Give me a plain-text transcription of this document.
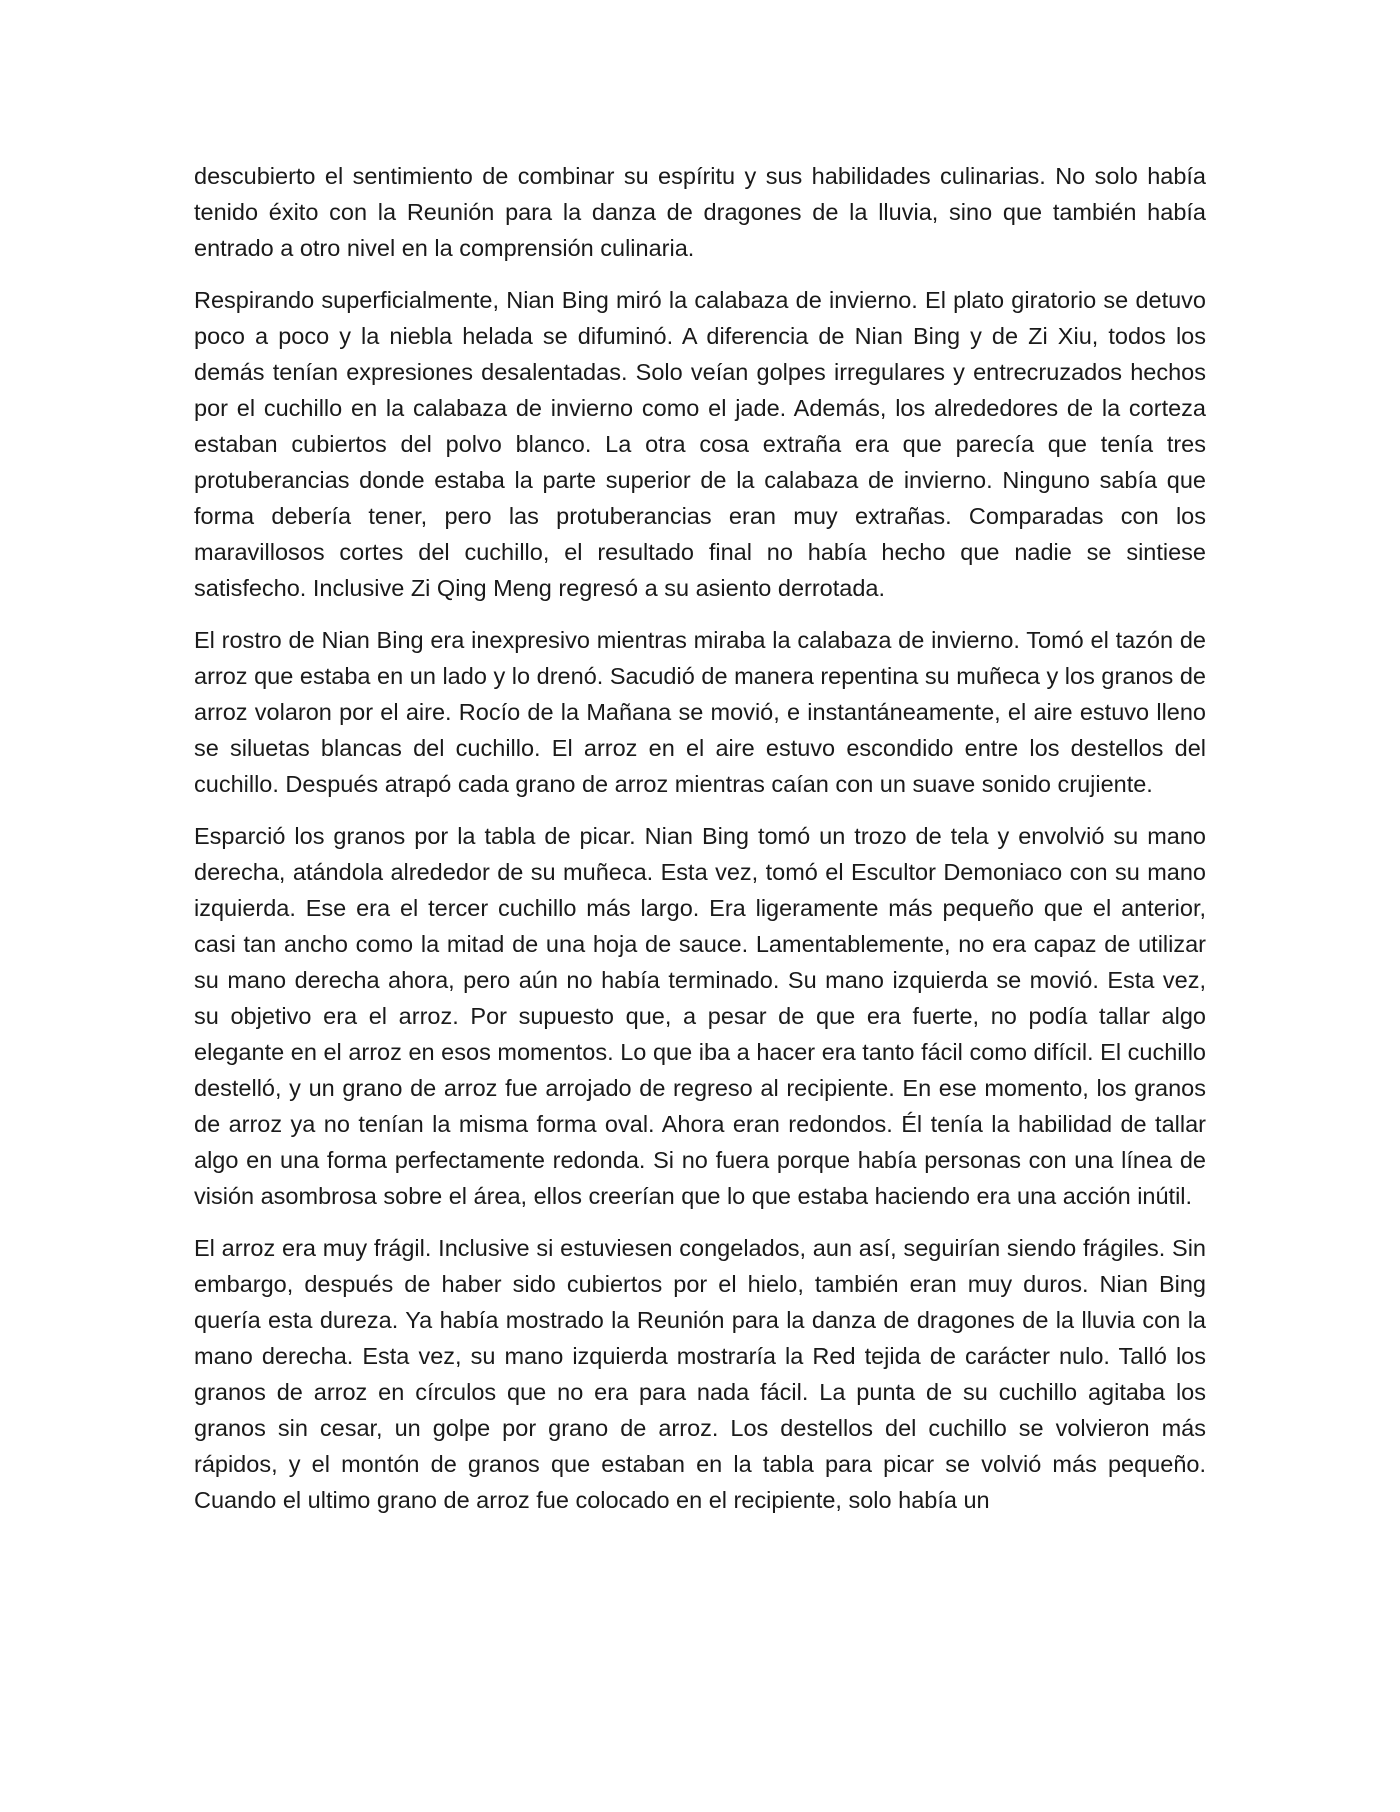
descubierto el sentimiento de combinar su espíritu y sus habilidades culinarias. No solo había tenido éxito con la Reunión para la danza de dragones de la lluvia, sino que también había entrado a otro nivel en la comprensión culinaria.

Respirando superficialmente, Nian Bing miró la calabaza de invierno. El plato giratorio se detuvo poco a poco y la niebla helada se difuminó. A diferencia de Nian Bing y de Zi Xiu, todos los demás tenían expresiones desalentadas. Solo veían golpes irregulares y entrecruzados hechos por el cuchillo en la calabaza de invierno como el jade. Además, los alrededores de la corteza estaban cubiertos del polvo blanco. La otra cosa extraña era que parecía que tenía tres protuberancias donde estaba la parte superior de la calabaza de invierno. Ninguno sabía que forma debería tener, pero las protuberancias eran muy extrañas. Comparadas con los maravillosos cortes del cuchillo, el resultado final no había hecho que nadie se sintiese satisfecho. Inclusive Zi Qing Meng regresó a su asiento derrotada.

El rostro de Nian Bing era inexpresivo mientras miraba la calabaza de invierno. Tomó el tazón de arroz que estaba en un lado y lo drenó. Sacudió de manera repentina su muñeca y los granos de arroz volaron por el aire. Rocío de la Mañana se movió, e instantáneamente, el aire estuvo lleno se siluetas blancas del cuchillo. El arroz en el aire estuvo escondido entre los destellos del cuchillo. Después atrapó cada grano de arroz mientras caían con un suave sonido crujiente.

Esparció los granos por la tabla de picar. Nian Bing tomó un trozo de tela y envolvió su mano derecha, atándola alrededor de su muñeca. Esta vez, tomó el Escultor Demoniaco con su mano izquierda. Ese era el tercer cuchillo más largo. Era ligeramente más pequeño que el anterior, casi tan ancho como la mitad de una hoja de sauce. Lamentablemente, no era capaz de utilizar su mano derecha ahora, pero aún no había terminado. Su mano izquierda se movió. Esta vez, su objetivo era el arroz. Por supuesto que, a pesar de que era fuerte, no podía tallar algo elegante en el arroz en esos momentos. Lo que iba a hacer era tanto fácil como difícil. El cuchillo destelló, y un grano de arroz fue arrojado de regreso al recipiente. En ese momento, los granos de arroz ya no tenían la misma forma oval. Ahora eran redondos. Él tenía la habilidad de tallar algo en una forma perfectamente redonda. Si no fuera porque había personas con una línea de visión asombrosa sobre el área, ellos creerían que lo que estaba haciendo era una acción inútil.

El arroz era muy frágil. Inclusive si estuviesen congelados, aun así, seguirían siendo frágiles. Sin embargo, después de haber sido cubiertos por el hielo, también eran muy duros. Nian Bing quería esta dureza. Ya había mostrado la Reunión para la danza de dragones de la lluvia con la mano derecha. Esta vez, su mano izquierda mostraría la Red tejida de carácter nulo. Talló los granos de arroz en círculos que no era para nada fácil. La punta de su cuchillo agitaba los granos sin cesar, un golpe por grano de arroz. Los destellos del cuchillo se volvieron más rápidos, y el montón de granos que estaban en la tabla para picar se volvió más pequeño. Cuando el ultimo grano de arroz fue colocado en el recipiente, solo había un
